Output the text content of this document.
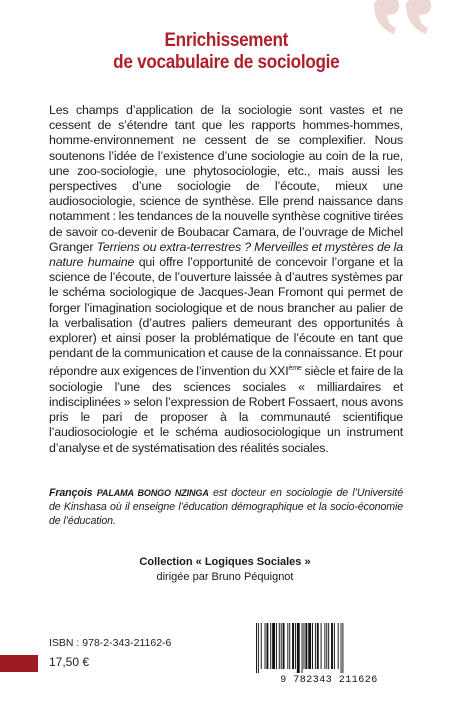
Enrichissement
de vocabulaire de sociologie

Les champs d’application de la sociologie sont vastes et ne cessent de s’étendre tant que les rapports hommes-hommes, homme-environnement ne cessent de se complexifier. Nous soutenons l’idée de l’existence d’une sociologie au coin de la rue, une zoo-sociologie, une phytosociologie, etc., mais aussi les perspectives d’une sociologie de l’écoute, mieux une audiosociologie, science de synthèse. Elle prend naissance dans notamment : les tendances de la nouvelle synthèse cognitive tirées de savoir co-devenir de Boubacar Camara, de l’ouvrage de Michel Granger Terriens ou extra-terrestres ? Merveilles et mystères de la nature humaine qui offre l’opportunité de concevoir l’organe et la science de l’écoute, de l’ouverture laissée à d’autres systèmes par le schéma sociologique de Jacques-Jean Fromont qui permet de forger l’imagination sociologique et de nous brancher au palier de la verbalisation (d’autres paliers demeurant des opportunités à explorer) et ainsi poser la problématique de l’écoute en tant que pendant de la communication et cause de la connaissance. Et pour répondre aux exigences de l’invention du XXIème siècle et faire de la sociologie l’une des sciences sociales « milliardaires et indisciplinées » selon l’expression de Robert Fossaert, nous avons pris le pari de proposer à la communauté scientifique l’audiosociologie et le schéma audiosociologique un instrument d’analyse et de systématisation des réalités sociales.

François PALAMA BONGO NZINGA est docteur en sociologie de l’Université de Kinshasa où il enseigne l’éducation démographique et la socio-économie de l’éducation.
Collection « Logiques Sociales »
dirigée par Bruno Péquignot
ISBN : 978-2-343-21162-6
17,50 €
9 782343 211626
